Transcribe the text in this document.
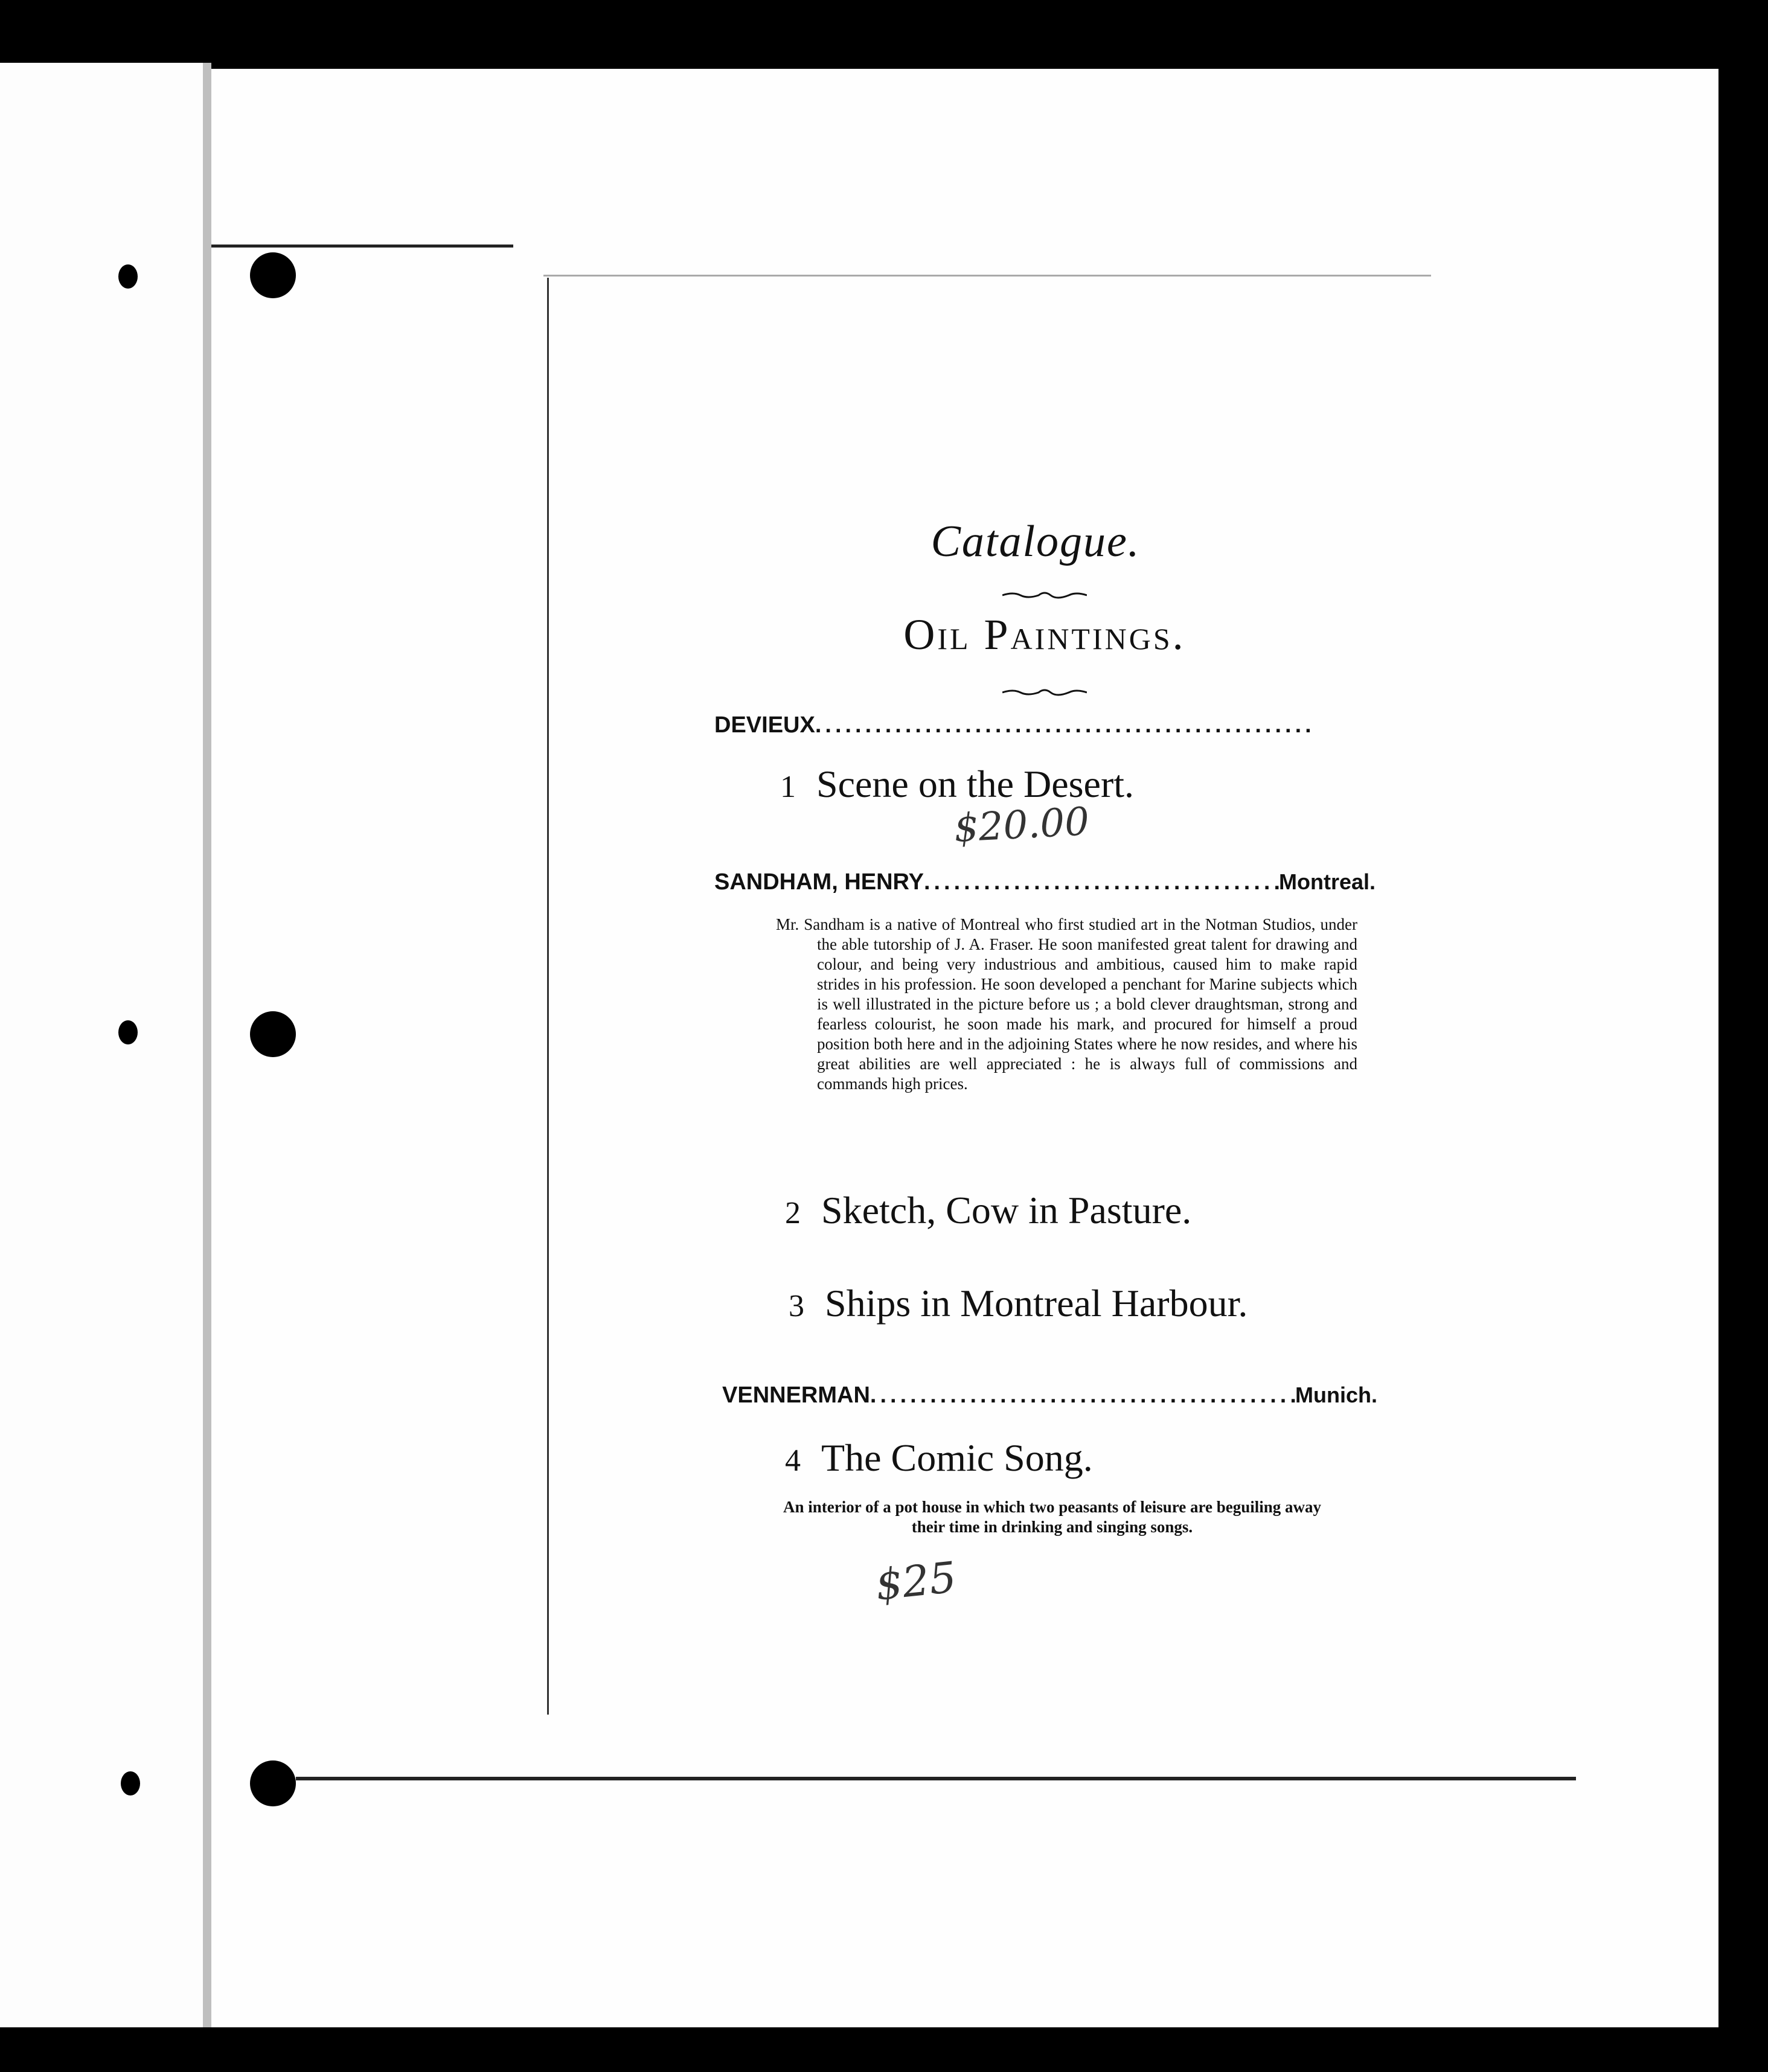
Catalogue.
Oil Paintings.
DEVIEUX
.....
1 Scene on the Desert.
$20.00
SANDHAM, HENRY .....	Montreal.
Mr. Sandham is a native of Montreal who first studied art in the Notman Studios, under the able tutorship of J. A. Fraser. He soon manifested great talent for drawing and colour, and being very industrious and ambitious, caused him to make rapid strides in his profession. He soon developed a penchant for Marine subjects which is well illustrated in the picture before us ; a bold clever draughtsman, strong and fearless colourist, he soon made his mark, and procured for himself a proud position both here and in the adjoining States where he now resides, and where his great abilities are well appreciated : he is always full of commissions and commands high prices.
2 Sketch, Cow in Pasture.
3 Ships in Montreal Harbour.
VENNERMAN .....	Munich.
4 The Comic Song.
An interior of a pot house in which two peasants of leisure are beguiling away their time in drinking and singing songs.
$25
